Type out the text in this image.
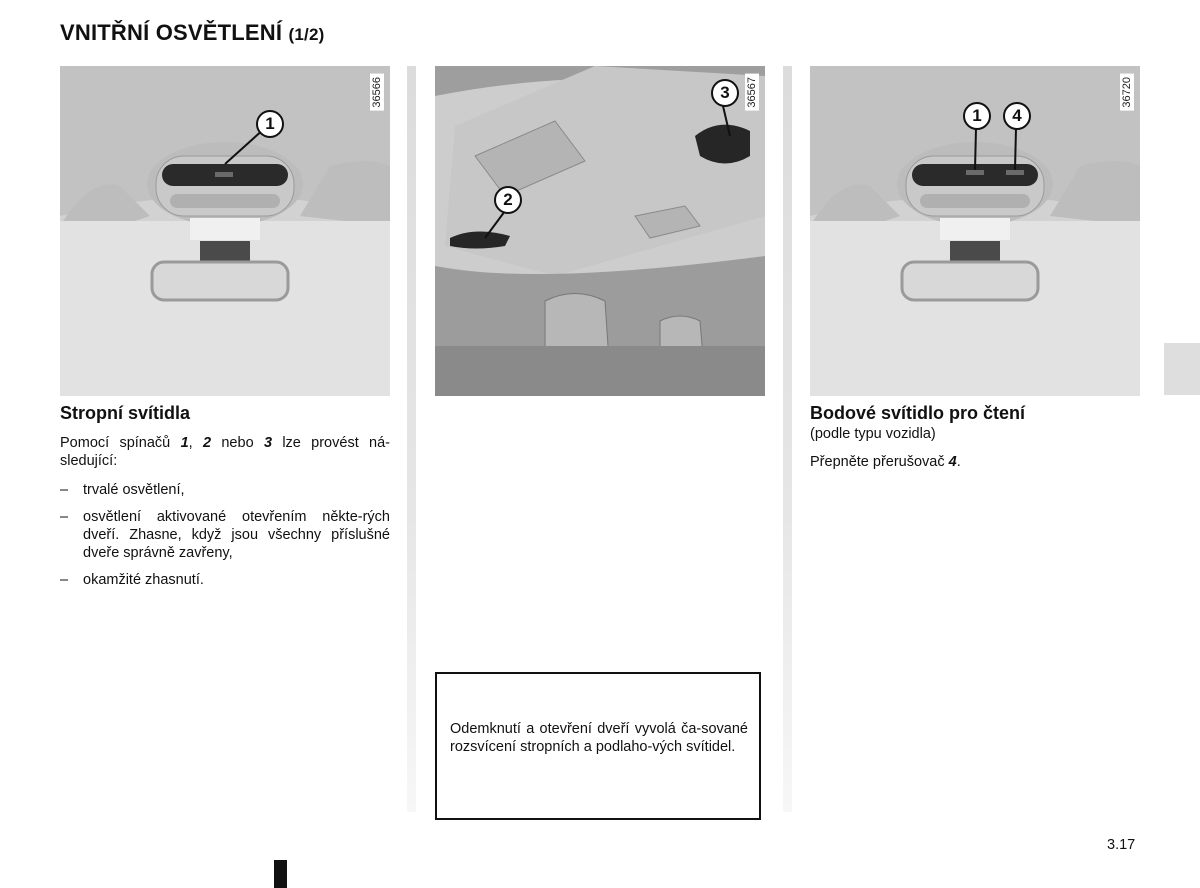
VNITŘNÍ OSVĚTLENÍ (1/2)
36566
1
36567
3
2
36720
1	4
Stropní svítidla
Pomocí spínačů 1, 2 nebo 3 lze provést ná-sledující:
– trvalé osvětlení,
– osvětlení aktivované otevřením někte-rých dveří. Zhasne, když jsou všechny příslušné dveře správně zavřeny,
– okamžité zhasnutí.
Odemknutí a otevření dveří vyvolá ča-sované rozsvícení stropních a podlaho-vých svítidel.
Bodové svítidlo pro čtení
(podle typu vozidla)
Přepněte přerušovač 4.
3.17
